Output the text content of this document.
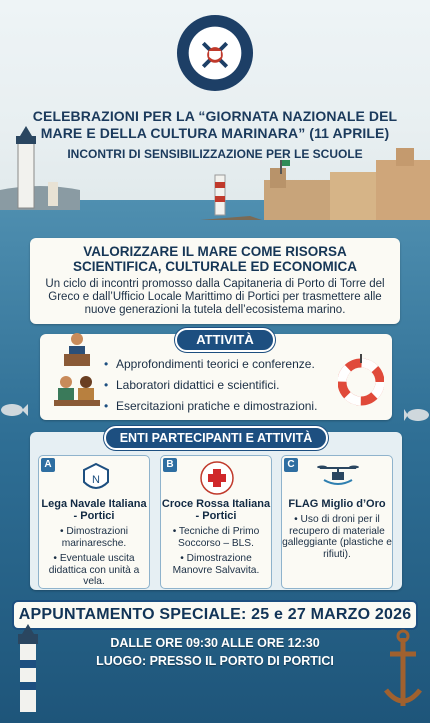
CELEBRAZIONI PER LA “GIORNATA NAZIONALE DEL
MARE E DELLA CULTURA MARINARA” (11 APRILE)
INCONTRI DI SENSIBILIZZAZIONE PER LE SCUOLE
VALORIZZARE IL MARE COME RISORSA
SCIENTIFICA, CULTURALE ED ECONOMICA

Un ciclo di incontri promosso dalla Capitaneria di Porto di Torre del Greco e dall’Ufficio Locale Marittimo di Portici per trasmettere alle nuove generazioni la tutela dell’ecosistema marino.

ATTIVITÀ
• Approfondimenti teorici e conferenze.
• Laboratori didattici e scientifici.
• Esercitazioni pratiche e dimostrazioni.
ENTI PARTECIPANTI E ATTIVITÀ
A
N
Lega Navale Italiana - Portici
• Dimostrazioni marinaresche.
• Eventuale uscita didattica con unità a vela.
B
Croce Rossa Italiana - Portici
• Tecniche di Primo Soccorso – BLS.
• Dimostrazione Manovre Salvavita.
C
FLAG Miglio d’Oro
• Uso di droni per il recupero di materiale galleggiante (plastiche e rifiuti).
APPUNTAMENTO SPECIALE: 25 e 27 MARZO 2026
DALLE ORE 09:30 ALLE ORE 12:30
LUOGO: PRESSO IL PORTO DI PORTICI
